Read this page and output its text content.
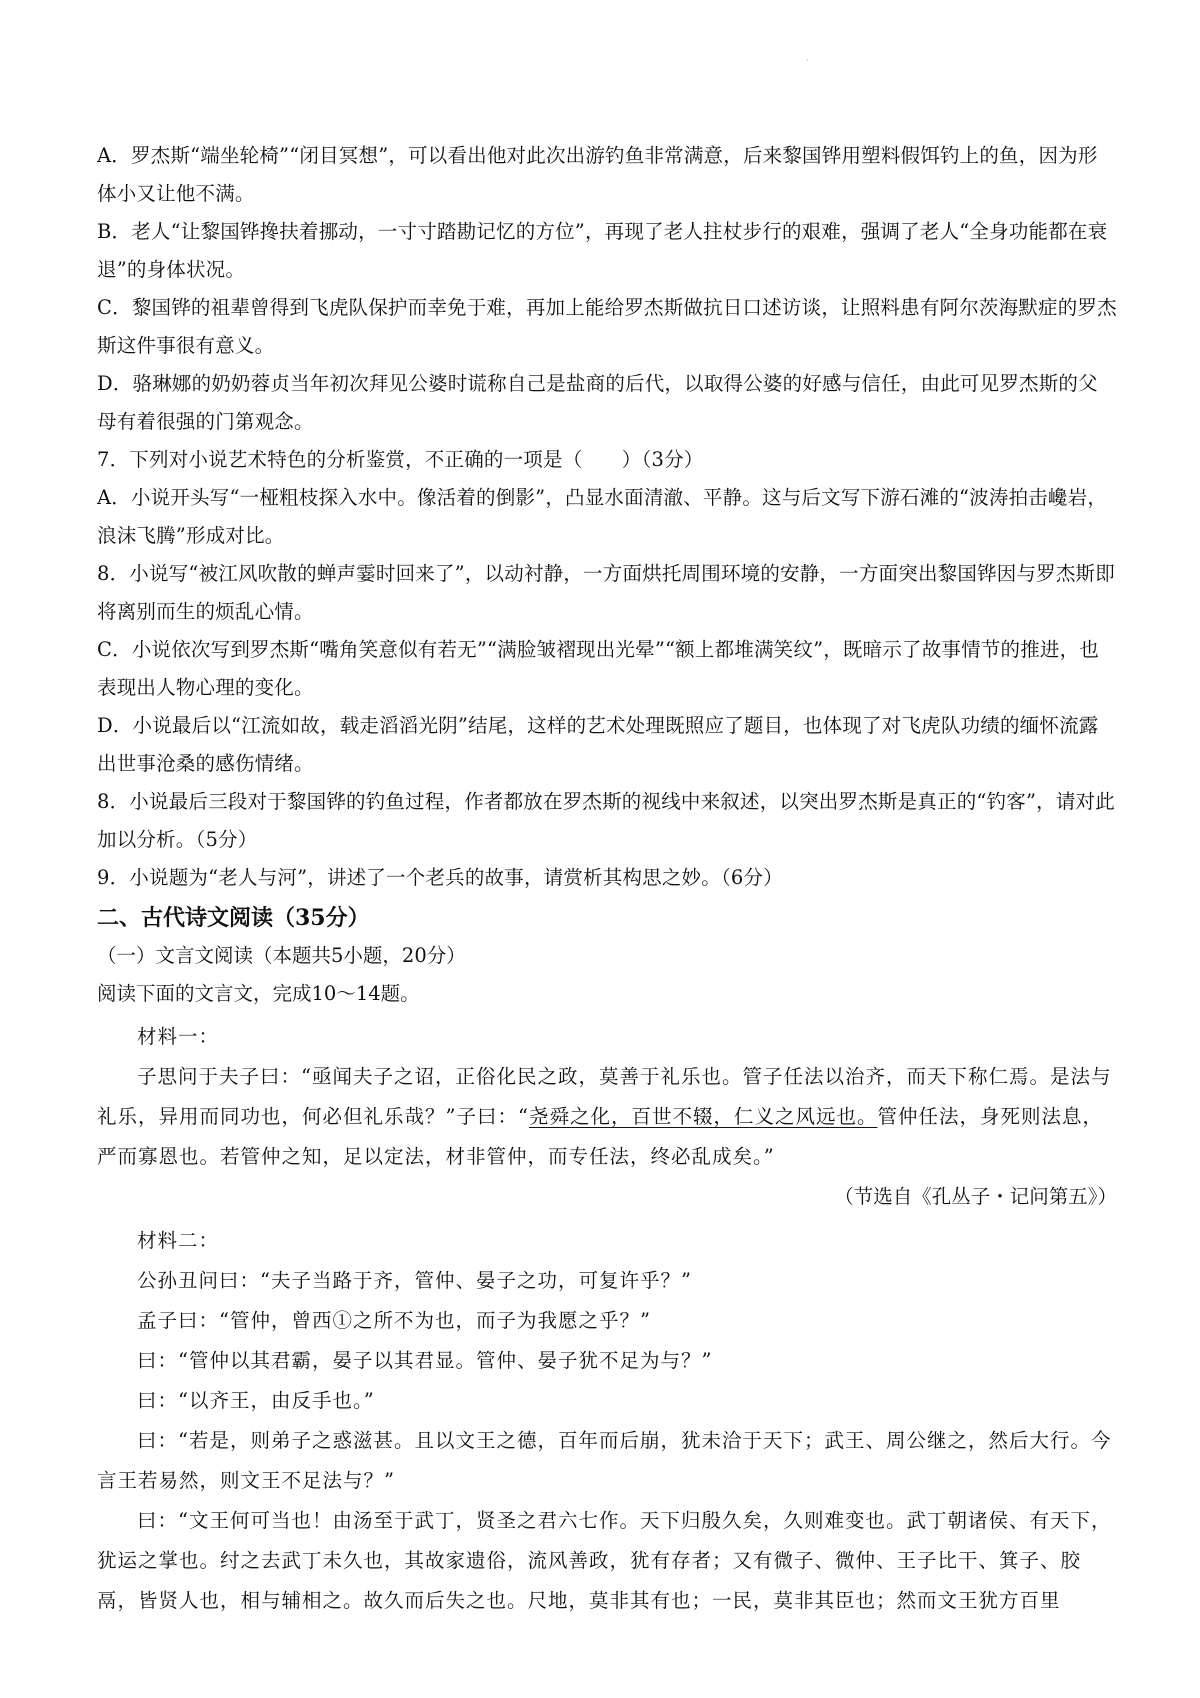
'

A．罗杰斯“端坐轮椅”“闭目冥想”，可以看出他对此次出游钓鱼非常满意，后来黎国铧用塑料假饵钓上的鱼，因为形体小又让他不满。

B．老人“让黎国铧搀扶着挪动，一寸寸踏勘记忆的方位”，再现了老人拄杖步行的艰难，强调了老人“全身功能都在衰退”的身体状况。

C．黎国铧的祖辈曾得到飞虎队保护而幸免于难，再加上能给罗杰斯做抗日口述访谈，让照料患有阿尔茨海默症的罗杰斯这件事很有意义。

D．骆琳娜的奶奶蓉贞当年初次拜见公婆时谎称自己是盐商的后代，以取得公婆的好感与信任，由此可见罗杰斯的父母有着很强的门第观念。

7．下列对小说艺术特色的分析鉴赏，不正确的一项是（　　）（3分）

A．小说开头写“一桠粗枝探入水中。像活着的倒影”，凸显水面清澈、平静。这与后文写下游石滩的“波涛拍击巉岩，浪沫飞腾”形成对比。

8．小说写“被江风吹散的蝉声霎时回来了”，以动衬静，一方面烘托周围环境的安静，一方面突出黎国铧因与罗杰斯即将离别而生的烦乱心情。

C．小说依次写到罗杰斯“嘴角笑意似有若无”“满脸皱褶现出光晕”“额上都堆满笑纹”，既暗示了故事情节的推进，也表现出人物心理的变化。

D．小说最后以“江流如故，载走滔滔光阴”结尾，这样的艺术处理既照应了题目，也体现了对飞虎队功绩的缅怀流露出世事沧桑的感伤情绪。

8．小说最后三段对于黎国铧的钓鱼过程，作者都放在罗杰斯的视线中来叙述，以突出罗杰斯是真正的“钓客”，请对此加以分析。（5分）

9．小说题为“老人与河”，讲述了一个老兵的故事，请赏析其构思之妙。（6分）

二、古代诗文阅读（35分）

（一）文言文阅读（本题共5小题，20分）

阅读下面的文言文，完成10～14题。

材料一：

子思问于夫子曰：“亟闻夫子之诏，正俗化民之政，莫善于礼乐也。管子任法以治齐，而天下称仁焉。是法与礼乐，异用而同功也，何必但礼乐哉？”子曰：“尧舜之化，百世不辍，仁义之风远也。管仲任法，身死则法息，严而寡恩也。若管仲之知，足以定法，材非管仲，而专任法，终必乱成矣。”

（节选自《孔丛子・记问第五》）

材料二：

公孙丑问曰：“夫子当路于齐，管仲、晏子之功，可复许乎？”

孟子曰：“管仲，曾西①之所不为也，而子为我愿之乎？”

曰：“管仲以其君霸，晏子以其君显。管仲、晏子犹不足为与？”

曰：“以齐王，由反手也。”

曰：“若是，则弟子之惑滋甚。且以文王之德，百年而后崩，犹未洽于天下；武王、周公继之，然后大行。今言王若易然，则文王不足法与？”

曰：“文王何可当也！由汤至于武丁，贤圣之君六七作。天下归殷久矣，久则难变也。武丁朝诸侯、有天下，犹运之掌也。纣之去武丁未久也，其故家遗俗，流风善政，犹有存者；又有微子、微仲、王子比干、箕子、胶鬲，皆贤人也，相与辅相之。故久而后失之也。尺地，莫非其有也；一民，莫非其臣也；然而文王犹方百里
